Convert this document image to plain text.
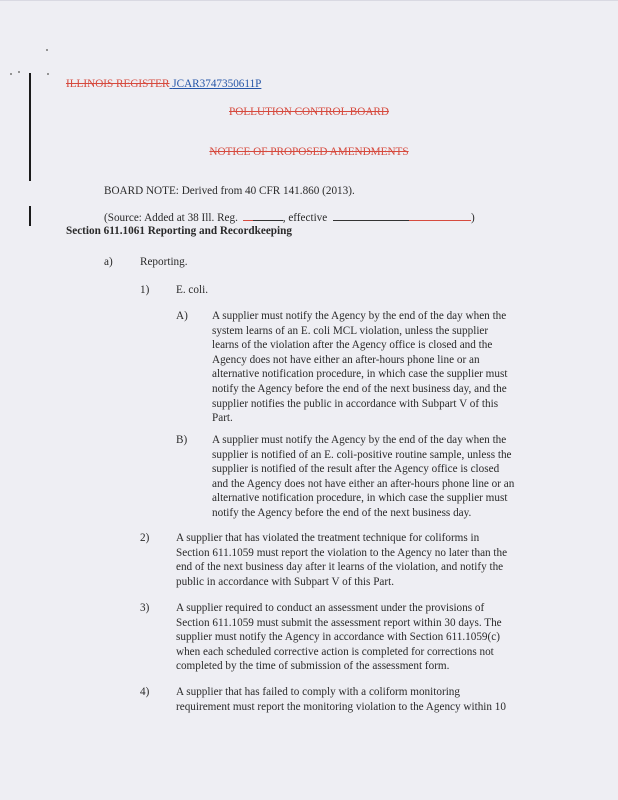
ILLINOIS REGISTER JCAR3747350611P
POLLUTION CONTROL BOARD
NOTICE OF PROPOSED AMENDMENTS
BOARD NOTE: Derived from 40 CFR 141.860 (2013).
(Source: Added at 38 Ill. Reg.	, effective	)
Section 611.1061 Reporting and Recordkeeping
a) Reporting.
1) E. coli.
A) A supplier must notify the Agency by the end of the day when the
system learns of an E. coli MCL violation, unless the supplier
learns of the violation after the Agency office is closed and the
Agency does not have either an after-hours phone line or an
alternative notification procedure, in which case the supplier must
notify the Agency before the end of the next business day, and the
supplier notifies the public in accordance with Subpart V of this
Part.
B) A supplier must notify the Agency by the end of the day when the
supplier is notified of an E. coli-positive routine sample, unless the
supplier is notified of the result after the Agency office is closed
and the Agency does not have either an after-hours phone line or an
alternative notification procedure, in which case the supplier must
notify the Agency before the end of the next business day.
2) A supplier that has violated the treatment technique for coliforms in
Section 611.1059 must report the violation to the Agency no later than the
end of the next business day after it learns of the violation, and notify the
public in accordance with Subpart V of this Part.
3) A supplier required to conduct an assessment under the provisions of
Section 611.1059 must submit the assessment report within 30 days. The
supplier must notify the Agency in accordance with Section 611.1059(c)
when each scheduled corrective action is completed for corrections not
completed by the time of submission of the assessment form.
4) A supplier that has failed to comply with a coliform monitoring
requirement must report the monitoring violation to the Agency within 10
